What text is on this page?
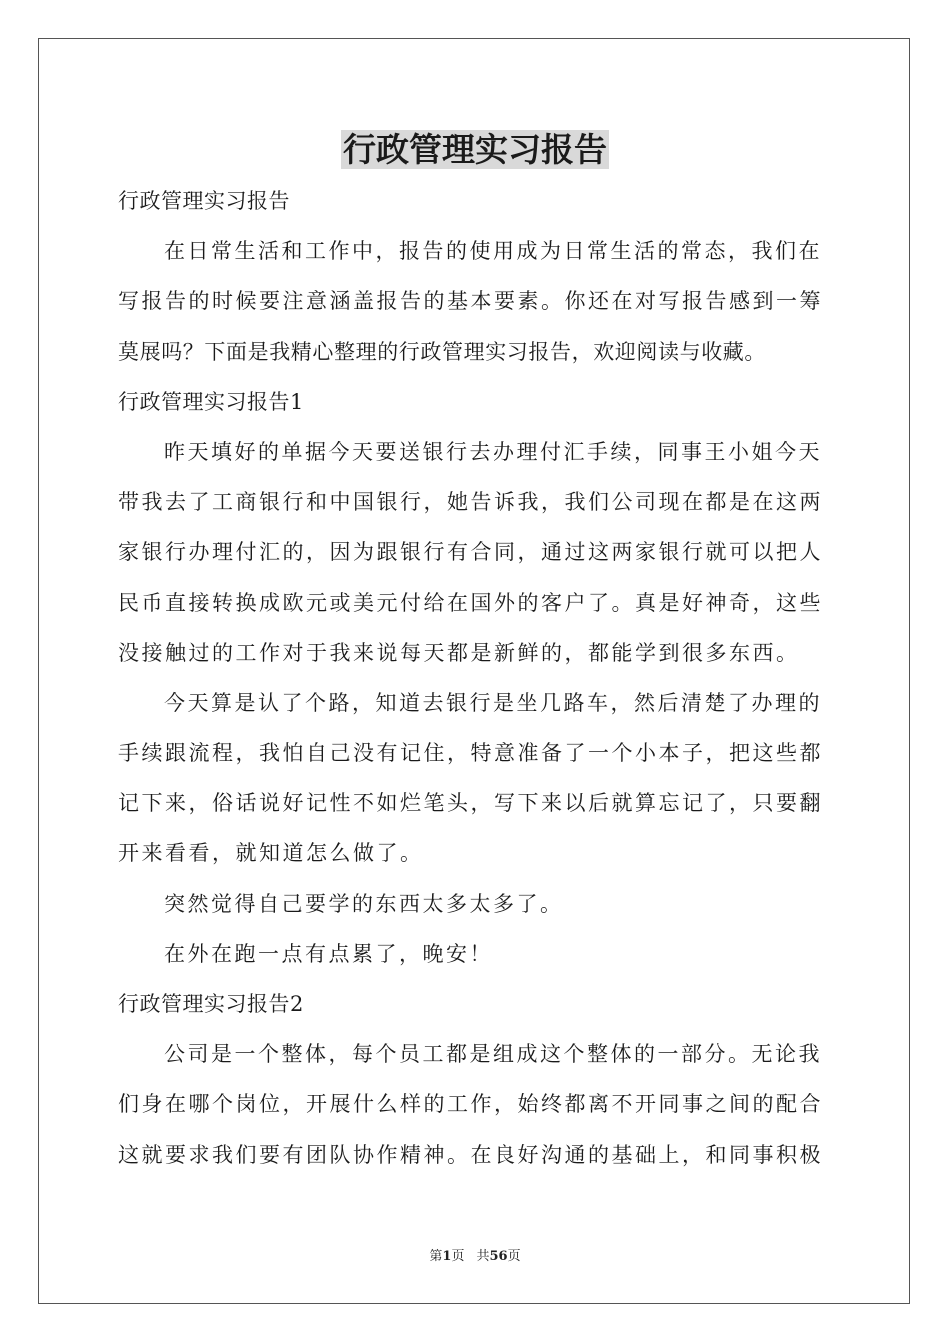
行政管理实习报告
行政管理实习报告
在日常生活和工作中，报告的使用成为日常生活的常态，我们在
写报告的时候要注意涵盖报告的基本要素。你还在对写报告感到一筹
莫展吗？下面是我精心整理的行政管理实习报告，欢迎阅读与收藏。
行政管理实习报告1
昨天填好的单据今天要送银行去办理付汇手续，同事王小姐今天
带我去了工商银行和中国银行，她告诉我，我们公司现在都是在这两
家银行办理付汇的，因为跟银行有合同，通过这两家银行就可以把人
民币直接转换成欧元或美元付给在国外的客户了。真是好神奇，这些
没接触过的工作对于我来说每天都是新鲜的，都能学到很多东西。
今天算是认了个路，知道去银行是坐几路车，然后清楚了办理的
手续跟流程，我怕自己没有记住，特意准备了一个小本子，把这些都
记下来，俗话说好记性不如烂笔头，写下来以后就算忘记了，只要翻
开来看看，就知道怎么做了。
突然觉得自己要学的东西太多太多了。
在外在跑一点有点累了，晚安！
行政管理实习报告2
公司是一个整体，每个员工都是组成这个整体的一部分。无论我
们身在哪个岗位，开展什么样的工作，始终都离不开同事之间的配合
这就要求我们要有团队协作精神。在良好沟通的基础上，和同事积极
第1页 共56页
